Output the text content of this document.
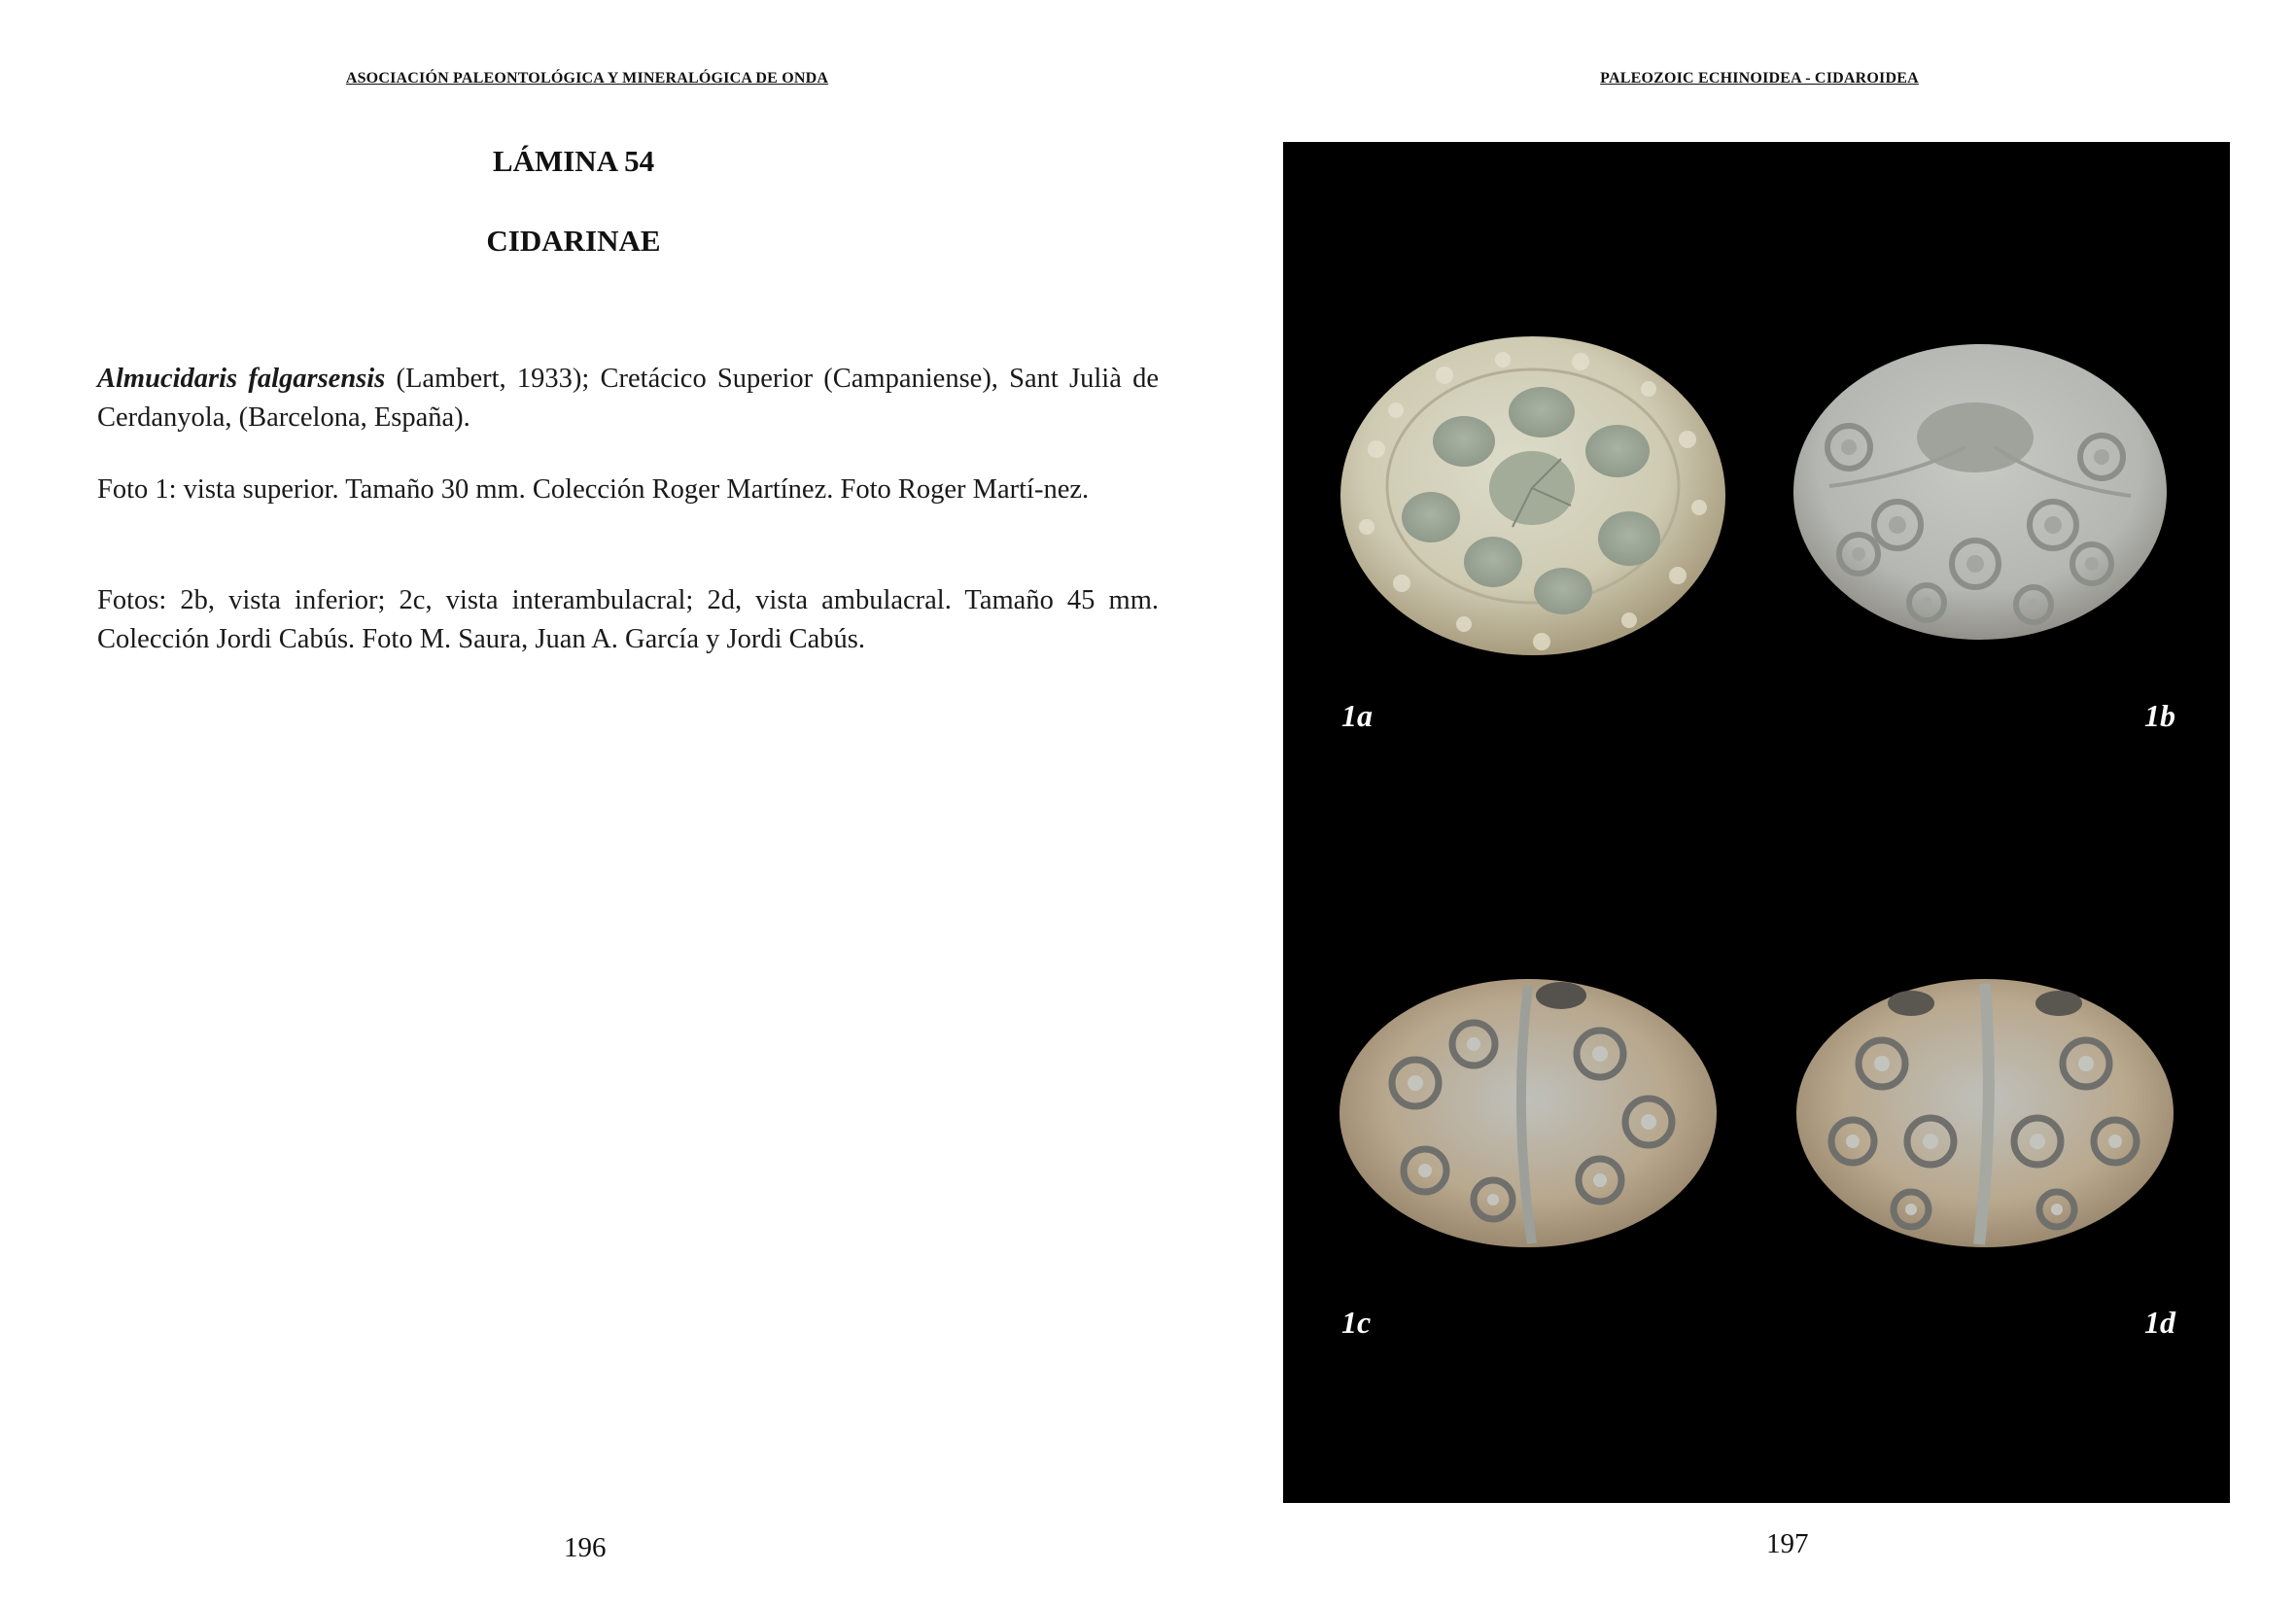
ASOCIACIÓN PALEONTOLÓGICA Y MINERALÓGICA DE ONDA
LÁMINA 54
CIDARINAE

Almucidaris falgarsensis (Lambert, 1933); Cretácico Superior (Campaniense), Sant Julià de Cerdanyola, (Barcelona, España).

Foto 1: vista superior. Tamaño 30 mm. Colección Roger Martínez. Foto Roger Martí-nez.

Fotos: 2b, vista inferior; 2c, vista interambulacral; 2d, vista ambulacral. Tamaño 45 mm. Colección Jordi Cabús. Foto M. Saura, Juan A. García y Jordi Cabús.

196
PALEOZOIC ECHINOIDEA - CIDAROIDEA
1a	1b
1c	1d
197
